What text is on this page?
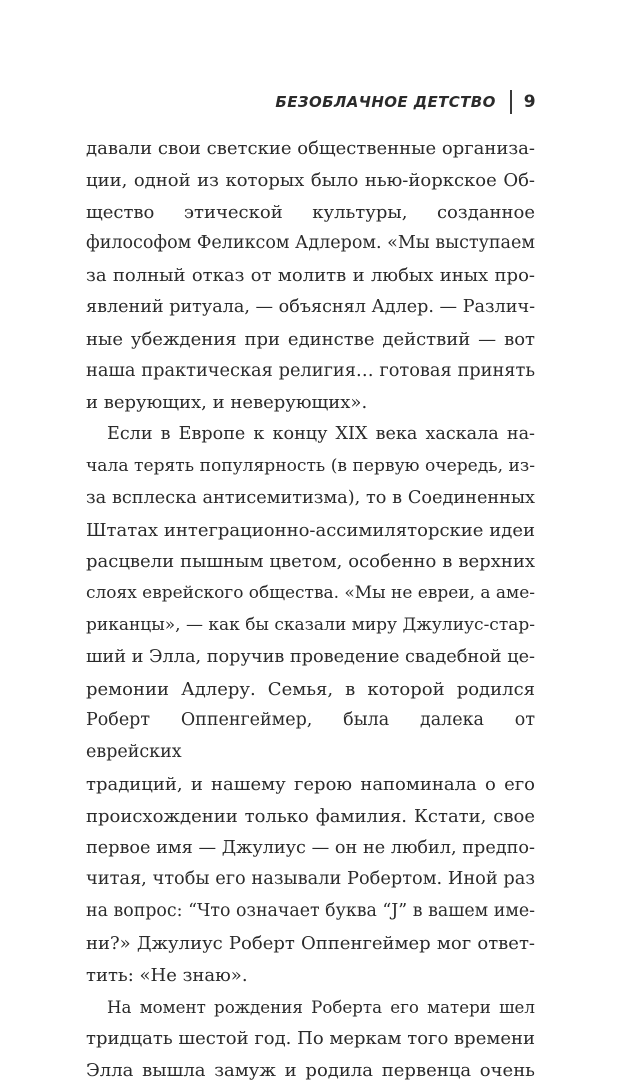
БЕЗОБЛАЧНОЕ ДЕТСТВО 9
давали свои светские общественные организа-
ции, одной из которых было нью-йоркское Об-
щество этической культуры, созданное
философом Феликсом Адлером. «Мы выступаем
за полный отказ от молитв и любых иных про-
явлений ритуала, — объяснял Адлер. — Различ-
ные убеждения при единстве действий — вот
наша практическая религия… готовая принять
и верующих, и неверующих».
Если в Европе к концу XIX века хаскала на-
чала терять популярность (в первую очередь, из-
за всплеска антисемитизма), то в Соединенных
Штатах интеграционно-ассимиляторские идеи
расцвели пышным цветом, особенно в верхних
слоях еврейского общества. «Мы не евреи, а аме-
риканцы», — как бы сказали миру Джулиус-стар-
ший и Элла, поручив проведение свадебной це-
ремонии Адлеру. Семья, в которой родился
Роберт Оппенгеймер, была далека от еврейских
традиций, и нашему герою напоминала о его
происхождении только фамилия. Кстати, свое
первое имя — Джулиус — он не любил, предпо-
читая, чтобы его называли Робертом. Иной раз
на вопрос: “Что означает буква “J” в вашем име-
ни?» Джулиус Роберт Оппенгеймер мог ответ-
тить: «Не знаю».
На момент рождения Роберта его матери шел
тридцать шестой год. По меркам того времени
Элла вышла замуж и родила первенца очень
